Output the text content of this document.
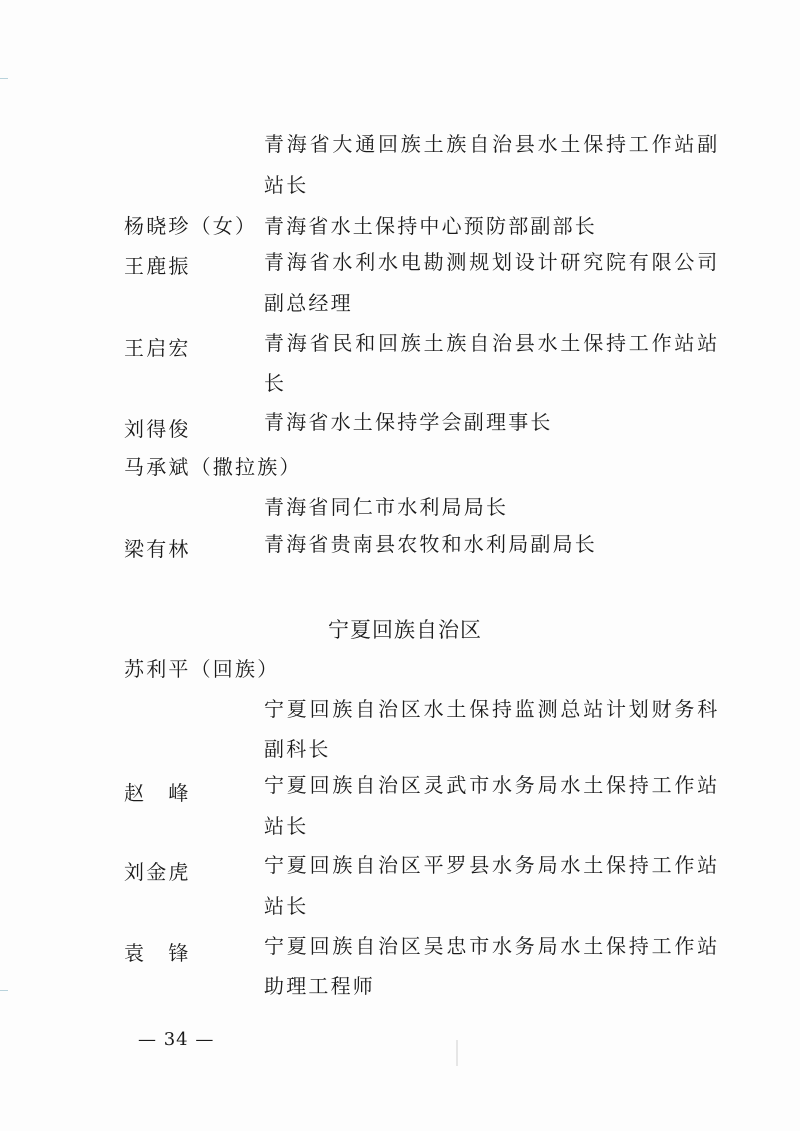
青海省大通回族土族自治县水土保持工作站副
站长
杨晓珍（女） 青海省水土保持中心预防部副部长
王鹿振	青海省水利水电勘测规划设计研究院有限公司
副总经理
王启宏	青海省民和回族土族自治县水土保持工作站站
长
刘得俊	青海省水土保持学会副理事长
马承斌（撒拉族）
青海省同仁市水利局局长
梁有林	青海省贵南县农牧和水利局副局长
宁夏回族自治区
苏利平（回族）
宁夏回族自治区水土保持监测总站计划财务科
副科长
赵　峰	宁夏回族自治区灵武市水务局水土保持工作站
站长
刘金虎	宁夏回族自治区平罗县水务局水土保持工作站
站长
袁　锋	宁夏回族自治区吴忠市水务局水土保持工作站
助理工程师
— 34 —
